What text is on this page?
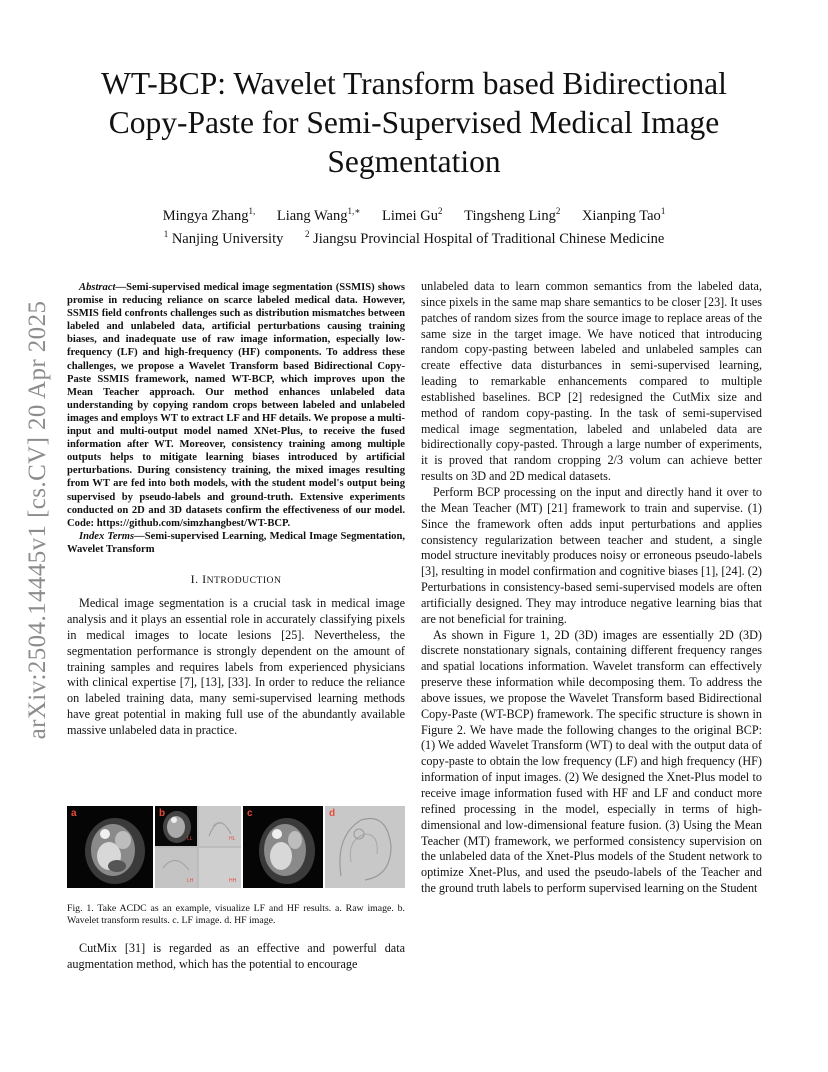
arXiv:2504.14445v1 [cs.CV] 20 Apr 2025
WT-BCP: Wavelet Transform based Bidirectional
Copy-Paste for Semi-Supervised Medical Image
Segmentation
Mingya Zhang$^{1,}$ Liang Wang$^{1,∗}$ Limei Gu$^2$ Tingsheng Ling$^2$ Xianping Tao$^1$
$^1$ Nanjing University $^2$ Jiangsu Provincial Hospital of Traditional Chinese Medicine

Abstract—Semi-supervised medical image segmentation (SSMIS) shows promise in reducing reliance on scarce labeled medical data. However, SSMIS field confronts challenges such as distribution mismatches between labeled and unlabeled data, artificial perturbations causing training biases, and inadequate use of raw image information, especially low-frequency (LF) and high-frequency (HF) components. To address these challenges, we propose a Wavelet Transform based Bidirectional Copy-Paste SSMIS framework, named WT-BCP, which improves upon the Mean Teacher approach. Our method enhances unlabeled data understanding by copying random crops between labeled and unlabeled images and employs WT to extract LF and HF details. We propose a multi-input and multi-output model named XNet-Plus, to receive the fused information after WT. Moreover, consistency training among multiple outputs helps to mitigate learning biases introduced by artificial perturbations. During consistency training, the mixed images resulting from WT are fed into both models, with the student model's output being supervised by pseudo-labels and ground-truth. Extensive experiments conducted on 2D and 3D datasets confirm the effectiveness of our model. Code: https://github.com/simzhangbest/WT-BCP.

Index Terms—Semi-supervised Learning, Medical Image Segmentation, Wavelet Transform

I. INTRODUCTION

Medical image segmentation is a crucial task in medical image analysis and it plays an essential role in accurately classifying pixels in medical images to locate lesions [25]. Nevertheless, the segmentation performance is strongly dependent on the amount of training samples and requires labels from experienced physicians with clinical expertise [7], [13], [33]. In order to reduce the reliance on labeled training data, many semi-supervised learning methods have great potential in making full use of the abundantly available massive unlabeled data in practice.

a	b
LL	HL
LH	HH
c	d
Fig. 1. Take ACDC as an example, visualize LF and HF results. a. Raw image. b. Wavelet transform results. c. LF image. d. HF image.

CutMix [31] is regarded as an effective and powerful data augmentation method, which has the potential to encourage

unlabeled data to learn common semantics from the labeled data, since pixels in the same map share semantics to be closer [23]. It uses patches of random sizes from the source image to replace areas of the same size in the target image. We have noticed that introducing random copy-pasting between labeled and unlabeled samples can create effective data disturbances in semi-supervised learning, leading to remarkable enhancements compared to multiple established baselines. BCP [2] redesigned the CutMix size and method of random copy-pasting. In the task of semi-supervised medical image segmentation, labeled and unlabeled data are bidirectionally copy-pasted. Through a large number of experiments, it is proved that random cropping 2/3 volum can achieve better results on 3D and 2D medical datasets.

Perform BCP processing on the input and directly hand it over to the Mean Teacher (MT) [21] framework to train and supervise. (1) Since the framework often adds input perturbations and applies consistency regularization between teacher and student, a single model structure inevitably produces noisy or erroneous pseudo-labels [3], resulting in model confirmation and cognitive biases [1], [24]. (2) Perturbations in consistency-based semi-supervised models are often artificially designed. They may introduce negative learning bias that are not beneficial for training.

As shown in Figure 1, 2D (3D) images are essentially 2D (3D) discrete nonstationary signals, containing different frequency ranges and spatial locations information. Wavelet transform can effectively preserve these information while decomposing them. To address the above issues, we propose the Wavelet Transform based Bidirectional Copy-Paste (WT-BCP) framework. The specific structure is shown in Figure 2. We have made the following changes to the original BCP: (1) We added Wavelet Transform (WT) to deal with the output data of copy-paste to obtain the low frequency (LF) and high frequency (HF) information of input images. (2) We designed the Xnet-Plus model to receive image information fused with HF and LF and conduct more refined processing in the model, especially in terms of high-dimensional and low-dimensional feature fusion. (3) Using the Mean Teacher (MT) framework, we performed consistency supervision on the unlabeled data of the Xnet-Plus models of the Student network to optimize Xnet-Plus, and used the pseudo-labels of the Teacher and the ground truth labels to perform supervised learning on the Student
